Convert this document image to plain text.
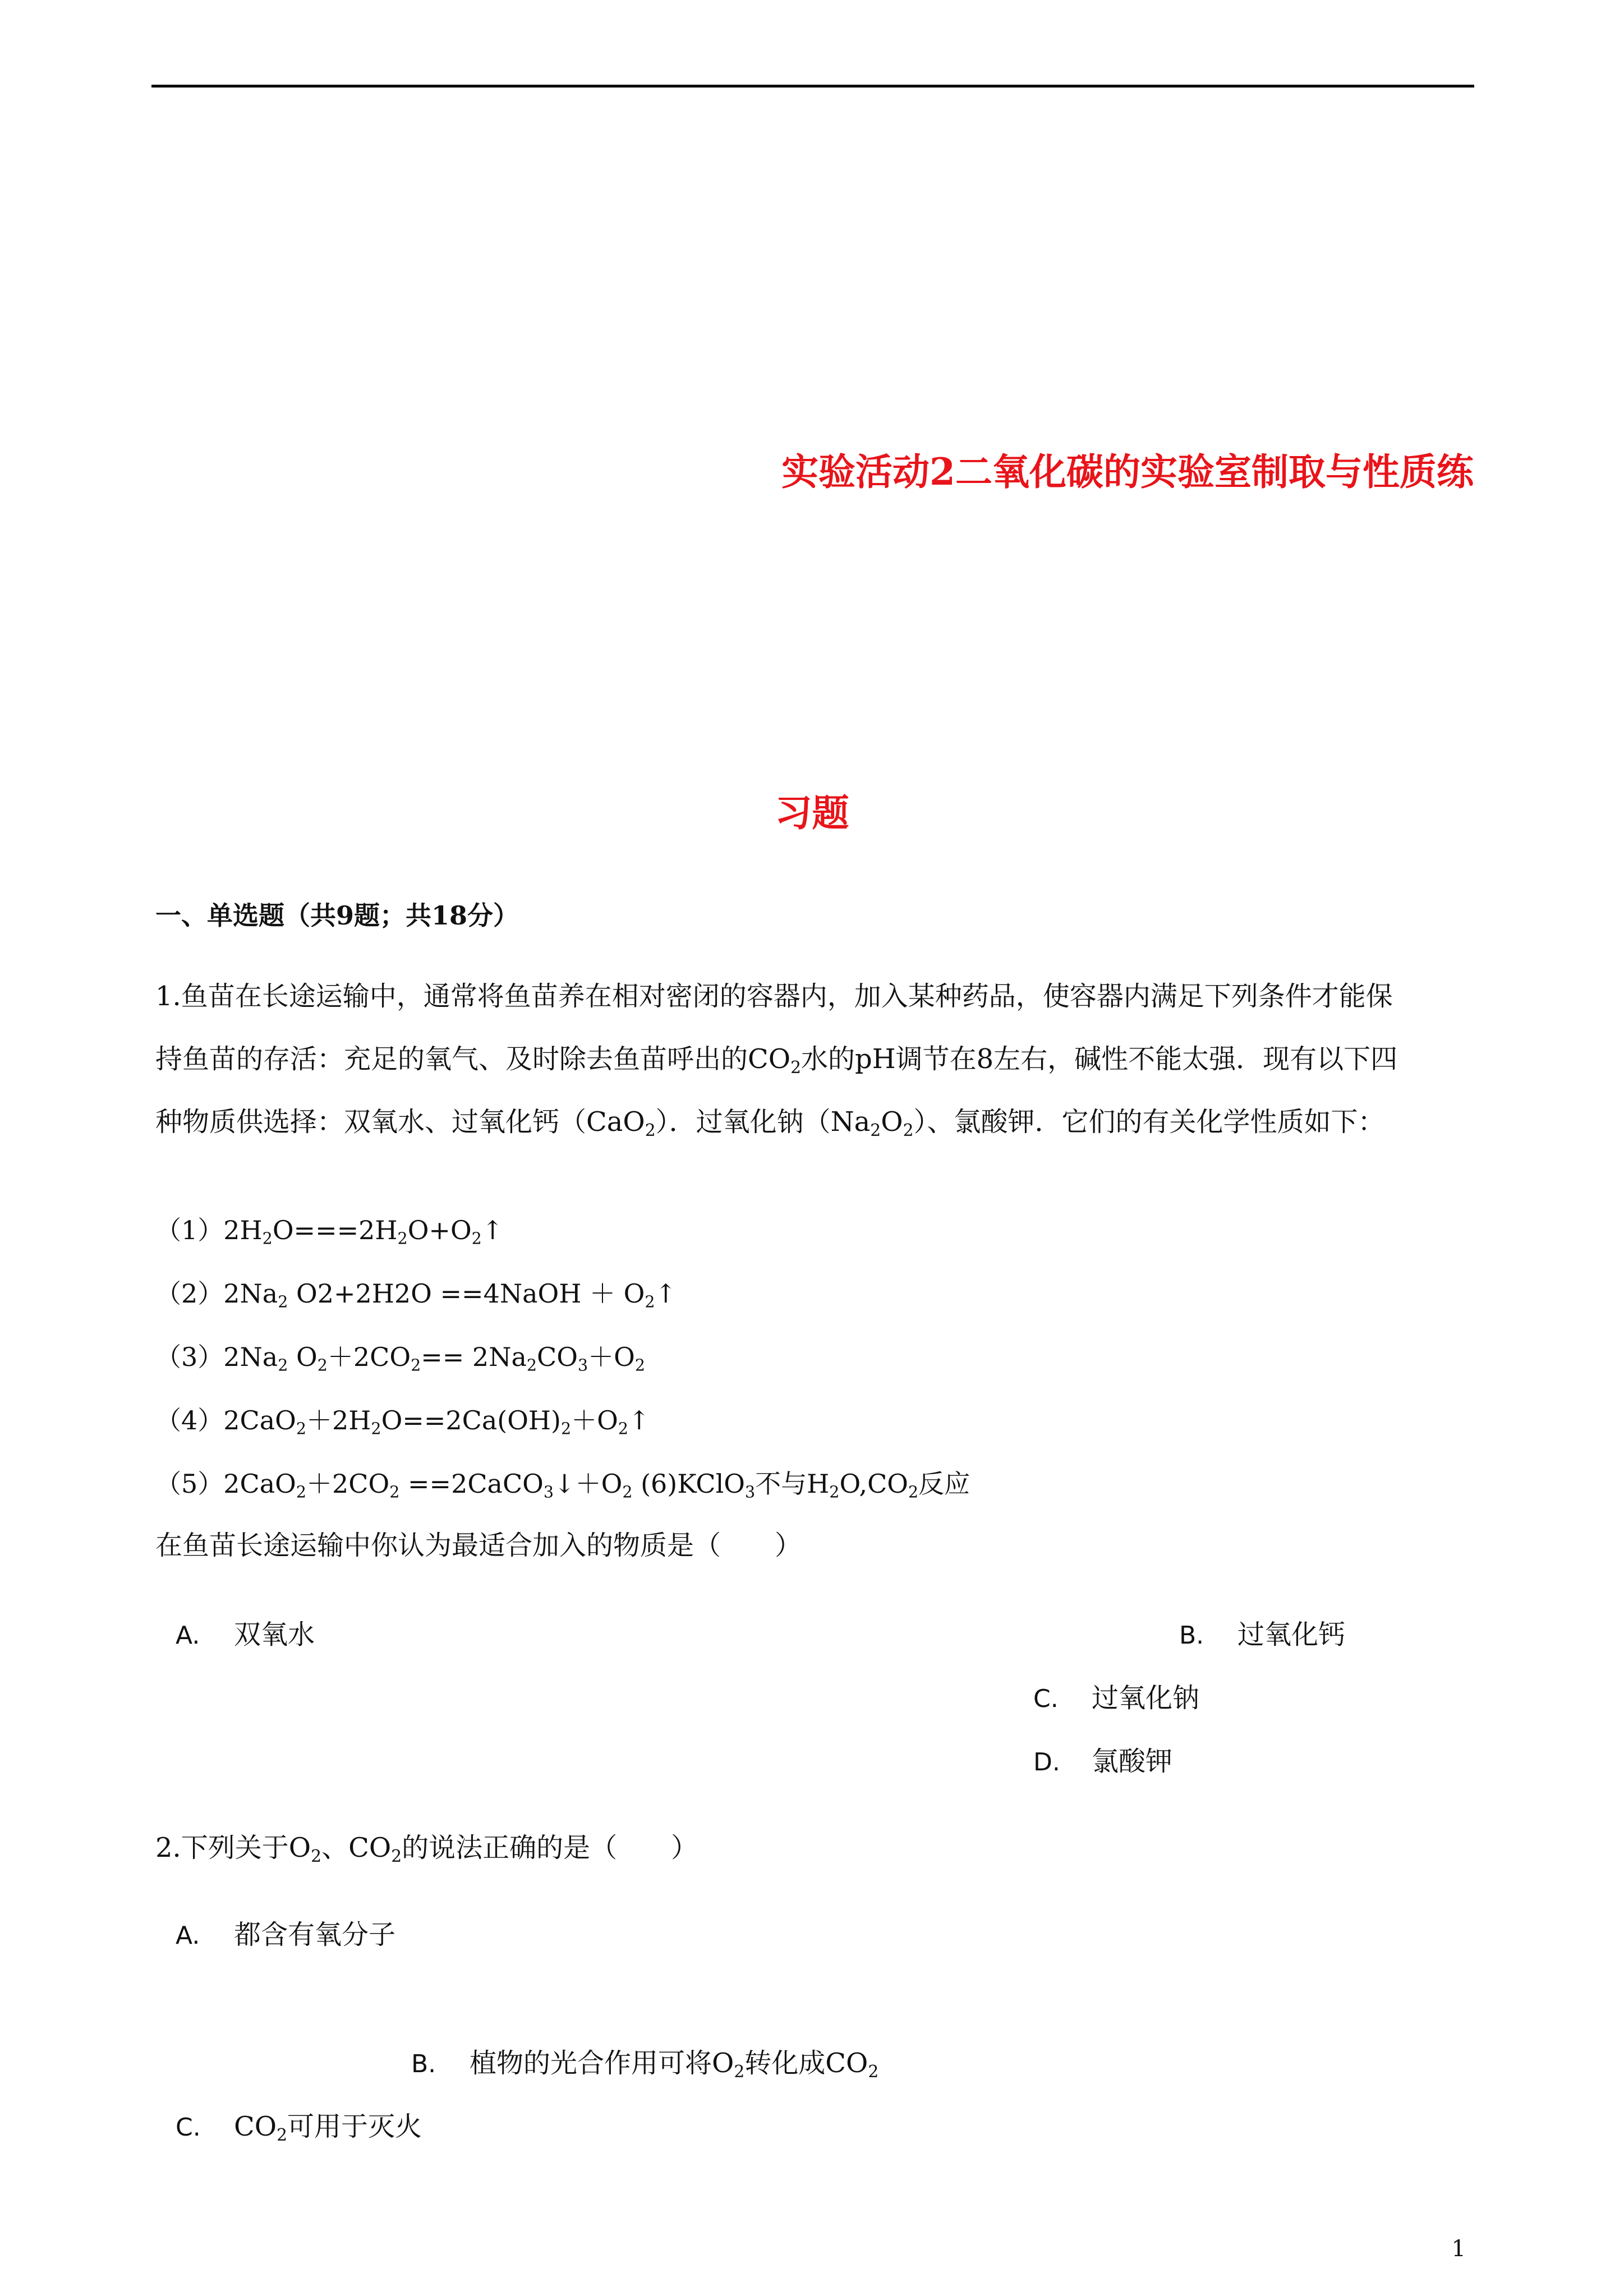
实验活动2二氧化碳的实验室制取与性质练
习题
一、单选题（共9题；共18分）
1.鱼苗在长途运输中，通常将鱼苗养在相对密闭的容器内，加入某种药品，使容器内满足下列条件才能保
持鱼苗的存活：充足的氧气、及时除去鱼苗呼出的$CO_2$水的pH调节在8左右，碱性不能太强．现有以下四
种物质供选择：双氧水、过氧化钙（CaO$_2$）．过氧化钠$(Na_2O_2)$、氯酸钾．它们的有关化学性质如下：
$(1)2H_2O===2H_2O+O_2↑$
$(2)2Na_2$ O2+2H2O ==4NaOH ＋ $O_2↑$
$(3)2Na_2$ $O_2+2CO_2== 2Na_2CO_3+O_2$
$(4)2CaO_2+2H_2O==2Ca(OH)_2+O_2↑$
$(5)2CaO_2+2CO_2$ $==2CaCO_3↓+O_2$ (6)KClO$_3$不与$H_2O,CO_2$反应
在鱼苗长途运输中你认为最适合加入的物质是（　　）
A. 双氧水	B. 过氧化钙
C. 过氧化钠
D. 氯酸钾
2.下列关于$O_2$、$CO_2$的说法正确的是（　　）
A. 都含有氧分子
B. 植物的光合作用可将$O_2$转化成$CO_2$
C. $CO_2$可用于灭火
1
